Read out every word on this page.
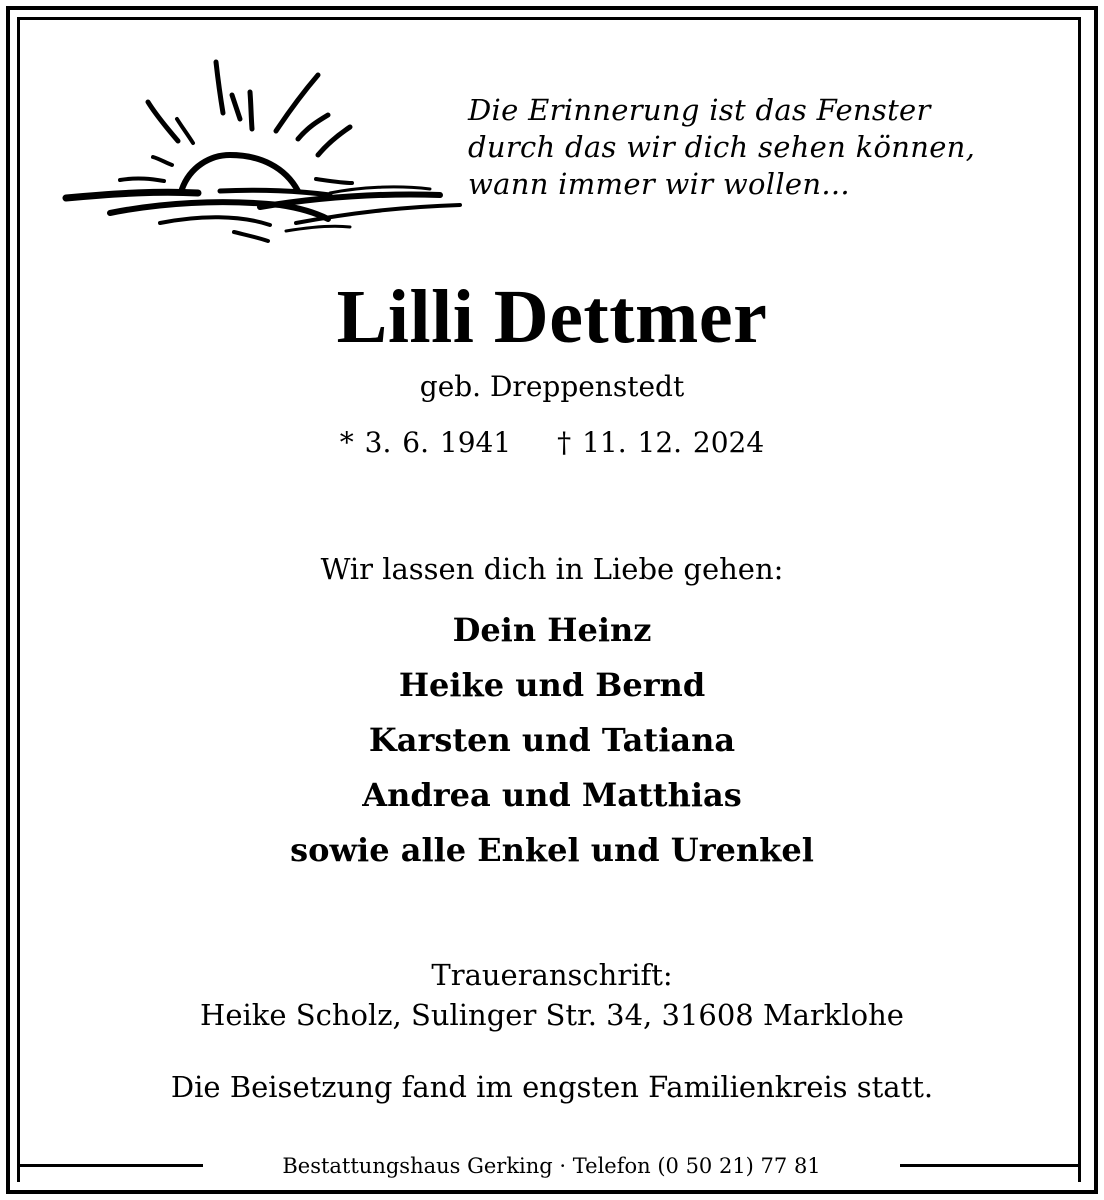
Die Erinnerung ist das Fenster
durch das wir dich sehen können,
wann immer wir wollen...
Lilli Dettmer
geb. Dreppenstedt
* 3. 6. 1941 † 11. 12. 2024
Wir lassen dich in Liebe gehen:
Dein Heinz
Heike und Bernd
Karsten und Tatiana
Andrea und Matthias
sowie alle Enkel und Urenkel
Traueranschrift:
Heike Scholz, Sulinger Str. 34, 31608 Marklohe
Die Beisetzung fand im engsten Familienkreis statt.
Bestattungshaus Gerking · Telefon (0 50 21) 77 81
